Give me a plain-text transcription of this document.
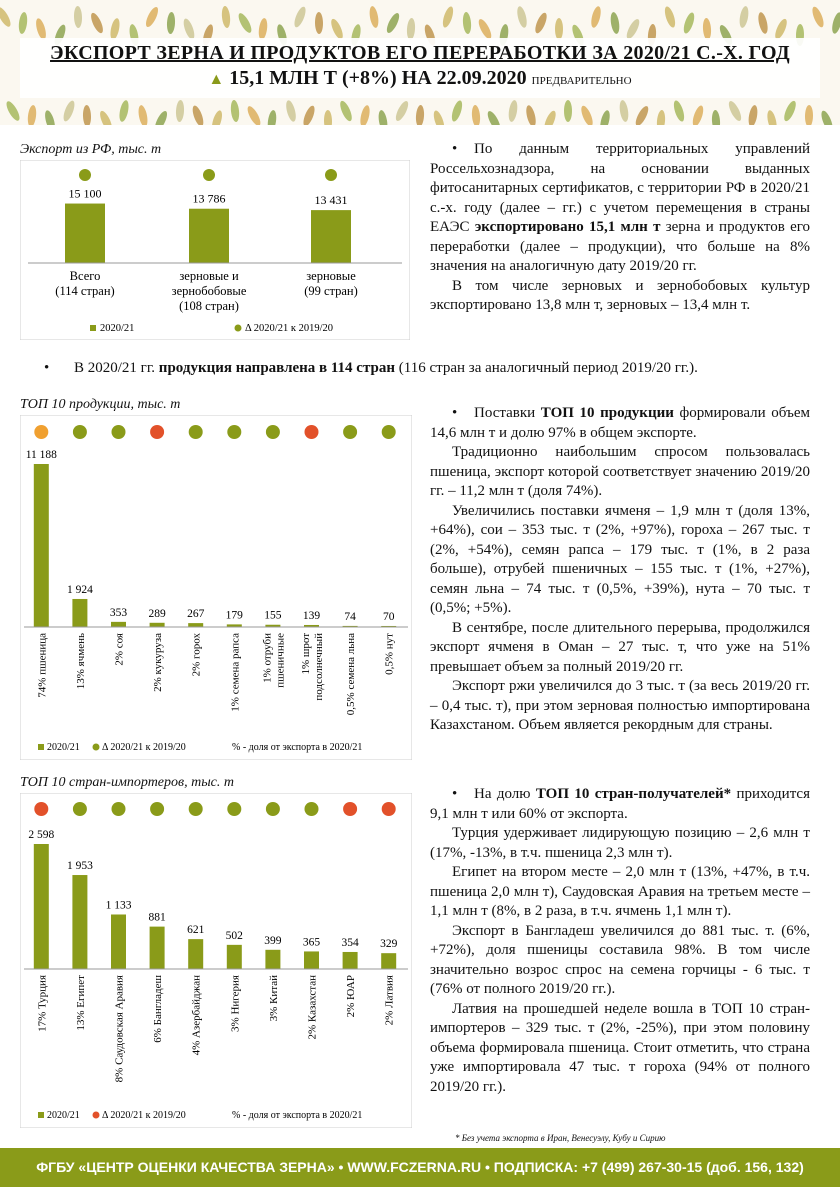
ЭКСПОРТ ЗЕРНА И ПРОДУКТОВ ЕГО ПЕРЕРАБОТКИ ЗА 2020/21 С.-Х. ГОД
▲ 15,1 МЛН Т (+8%) НА 22.09.2020 ПРЕДВАРИТЕЛЬНО
Экспорт из РФ, тыс. т
15 100
Всего
(114 стран)
13 786
зерновые и
зернобобовые
(108 стран)
13 431
зерновые
(99 стран)
2020/21	Δ 2020/21 к 2019/20

• По данным территориальных управлений Россельхознадзора, на основании выданных фитосанитарных сертификатов, с территории РФ в 2020/21 с.-х. году (далее – гг.) с учетом перемещения в страны ЕАЭС экспортировано 15,1 млн т зерна и продуктов его переработки (далее – продукции), что больше на 8% значения на аналогичную дату 2019/20 гг.

В том числе зерновых и зернобобовых культур экспортировано 13,8 млн т, зерновых – 13,4 млн т.

• В 2020/21 гг. продукция направлена в 114 стран (116 стран за аналогичный период 2019/20 гг.).
ТОП 10 продукции, тыс. т
11 188
74% пшеница
1 924
13% ячмень
353
2% соя
289
2% кукуруза
267
2% горох
179
1% семена рапса
155
1% отруби пшеничные
139
1% шрот подсолнечный
74
0,5% семена льна
70
0,5% нут
2020/21 Δ 2020/21 к 2019/20	% - доля от экспорта в 2020/21

• Поставки ТОП 10 продукции формировали объем 14,6 млн т и долю 97% в общем экспорте.

Традиционно наибольшим спросом пользовалась пшеница, экспорт которой соответствует значению 2019/20 гг. – 11,2 млн т (доля 74%).

Увеличились поставки ячменя – 1,9 млн т (доля 13%, +64%), сои – 353 тыс. т (2%, +97%), гороха – 267 тыс. т (2%, +54%), семян рапса – 179 тыс. т (1%, в 2 раза больше), отрубей пшеничных – 155 тыс. т (1%, +27%), семян льна – 74 тыс. т (0,5%, +39%), нута – 70 тыс. т (0,5%; +5%).

В сентябре, после длительного перерыва, продолжился экспорт ячменя в Оман – 27 тыс. т, что уже на 51% превышает объем за полный 2019/20 гг.

Экспорт ржи увеличился до 3 тыс. т (за весь 2019/20 гг. – 0,4 тыс. т), при этом зерновая полностью импортирована Казахстаном. Объем является рекордным для страны.

ТОП 10 стран-импортеров, тыс. т
2 598
17% Турция
1 953
13% Египет
1 133
8% Саудовская Аравия
881
6% Бангладеш
621
4% Азербайджан
502
3% Нигерия
399
3% Китай
365
2% Казахстан
354
2% ЮАР
329
2% Латвия
2020/21 Δ 2020/21 к 2019/20	% - доля от экспорта в 2020/21

• На долю ТОП 10 стран-получателей* приходится 9,1 млн т или 60% от экспорта.

Турция удерживает лидирующую позицию – 2,6 млн т (17%, -13%, в т.ч. пшеница 2,3 млн т).

Египет на втором месте – 2,0 млн т (13%, +47%, в т.ч. пшеница 2,0 млн т), Саудовская Аравия на третьем месте – 1,1 млн т (8%, в 2 раза, в т.ч. ячмень 1,1 млн т).

Экспорт в Бангладеш увеличился до 881 тыс. т. (6%, +72%), доля пшеницы составила 98%. В том числе значительно возрос спрос на семена горчицы - 6 тыс. т (76% от полного 2019/20 гг.).

Латвия на прошедшей неделе вошла в ТОП 10 стран-импортеров – 329 тыс. т (2%, -25%), при этом половину объема формировала пшеница. Стоит отметить, что страна уже импортировала 47 тыс. т гороха (94% от полного 2019/20 гг.).

* Без учета экспорта в Иран, Венесуэлу, Кубу и Сирию
ФГБУ «ЦЕНТР ОЦЕНКИ КАЧЕСТВА ЗЕРНА» • WWW.FCZERNA.RU • ПОДПИСКА: +7 (499) 267-30-15 (доб. 156, 132)
